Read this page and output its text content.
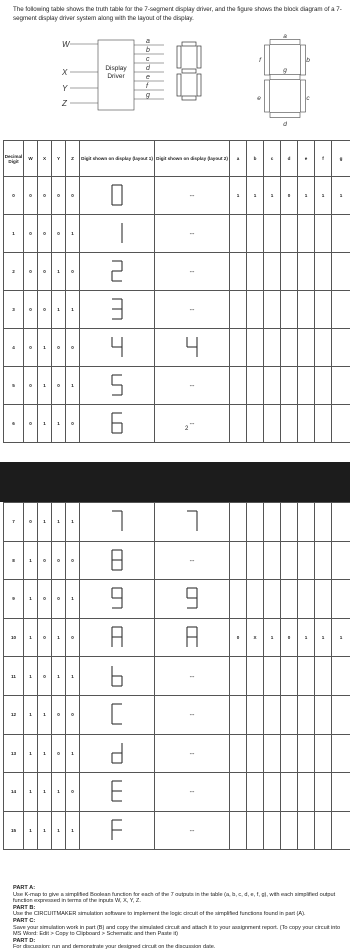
The following table shows the truth table for the 7-segment display driver, and the figure shows the block diagram of a 7-segment display driver system along with the layout of the display.
W
X
Y
Z
Display
Driver
a
b
c
d
e
f
g
a
b
c
d
e
f
g
Decimal Digit	W	X	Y	Z	Digit shown on display (layout 1)	Digit shown on display (layout 2)	a	b	c	d	e	f	g
0	0	0	0	0		---	1	1	1	0	1	1	1
1	0	0	0	1		---							
2	0	0	1	0		---							
3	0	0	1	1		---							
4	0	1	0	0									
5	0	1	0	1		---							
6	0	1	1	0		---							
2
7	0	1	1	1									
8	1	0	0	0		---							
9	1	0	0	1									
10	1	0	1	0			0	X	1	0	1	1	1
11	1	0	1	1		---							
12	1	1	0	0		---							
13	1	1	0	1		---							
14	1	1	1	0		---							
15	1	1	1	1		---							
PART A:
Use K-map to give a simplified Boolean function for each of the 7 outputs in the table (a, b, c, d, e, f, g), with each simplified output function expressed in terms of the inputs W, X, Y, Z.
PART B:
Use the CIRCUITMAKER simulation software to implement the logic circuit of the simplified functions found in part (A).
PART C:
Save your simulation work in part (B) and copy the simulated circuit and attach it to your assignment report. (To copy your circuit into MS Word: Edit > Copy to Clipboard > Schematic and then Paste it)
PART D:
For discussion: run and demonstrate your designed circuit on the discussion date.
